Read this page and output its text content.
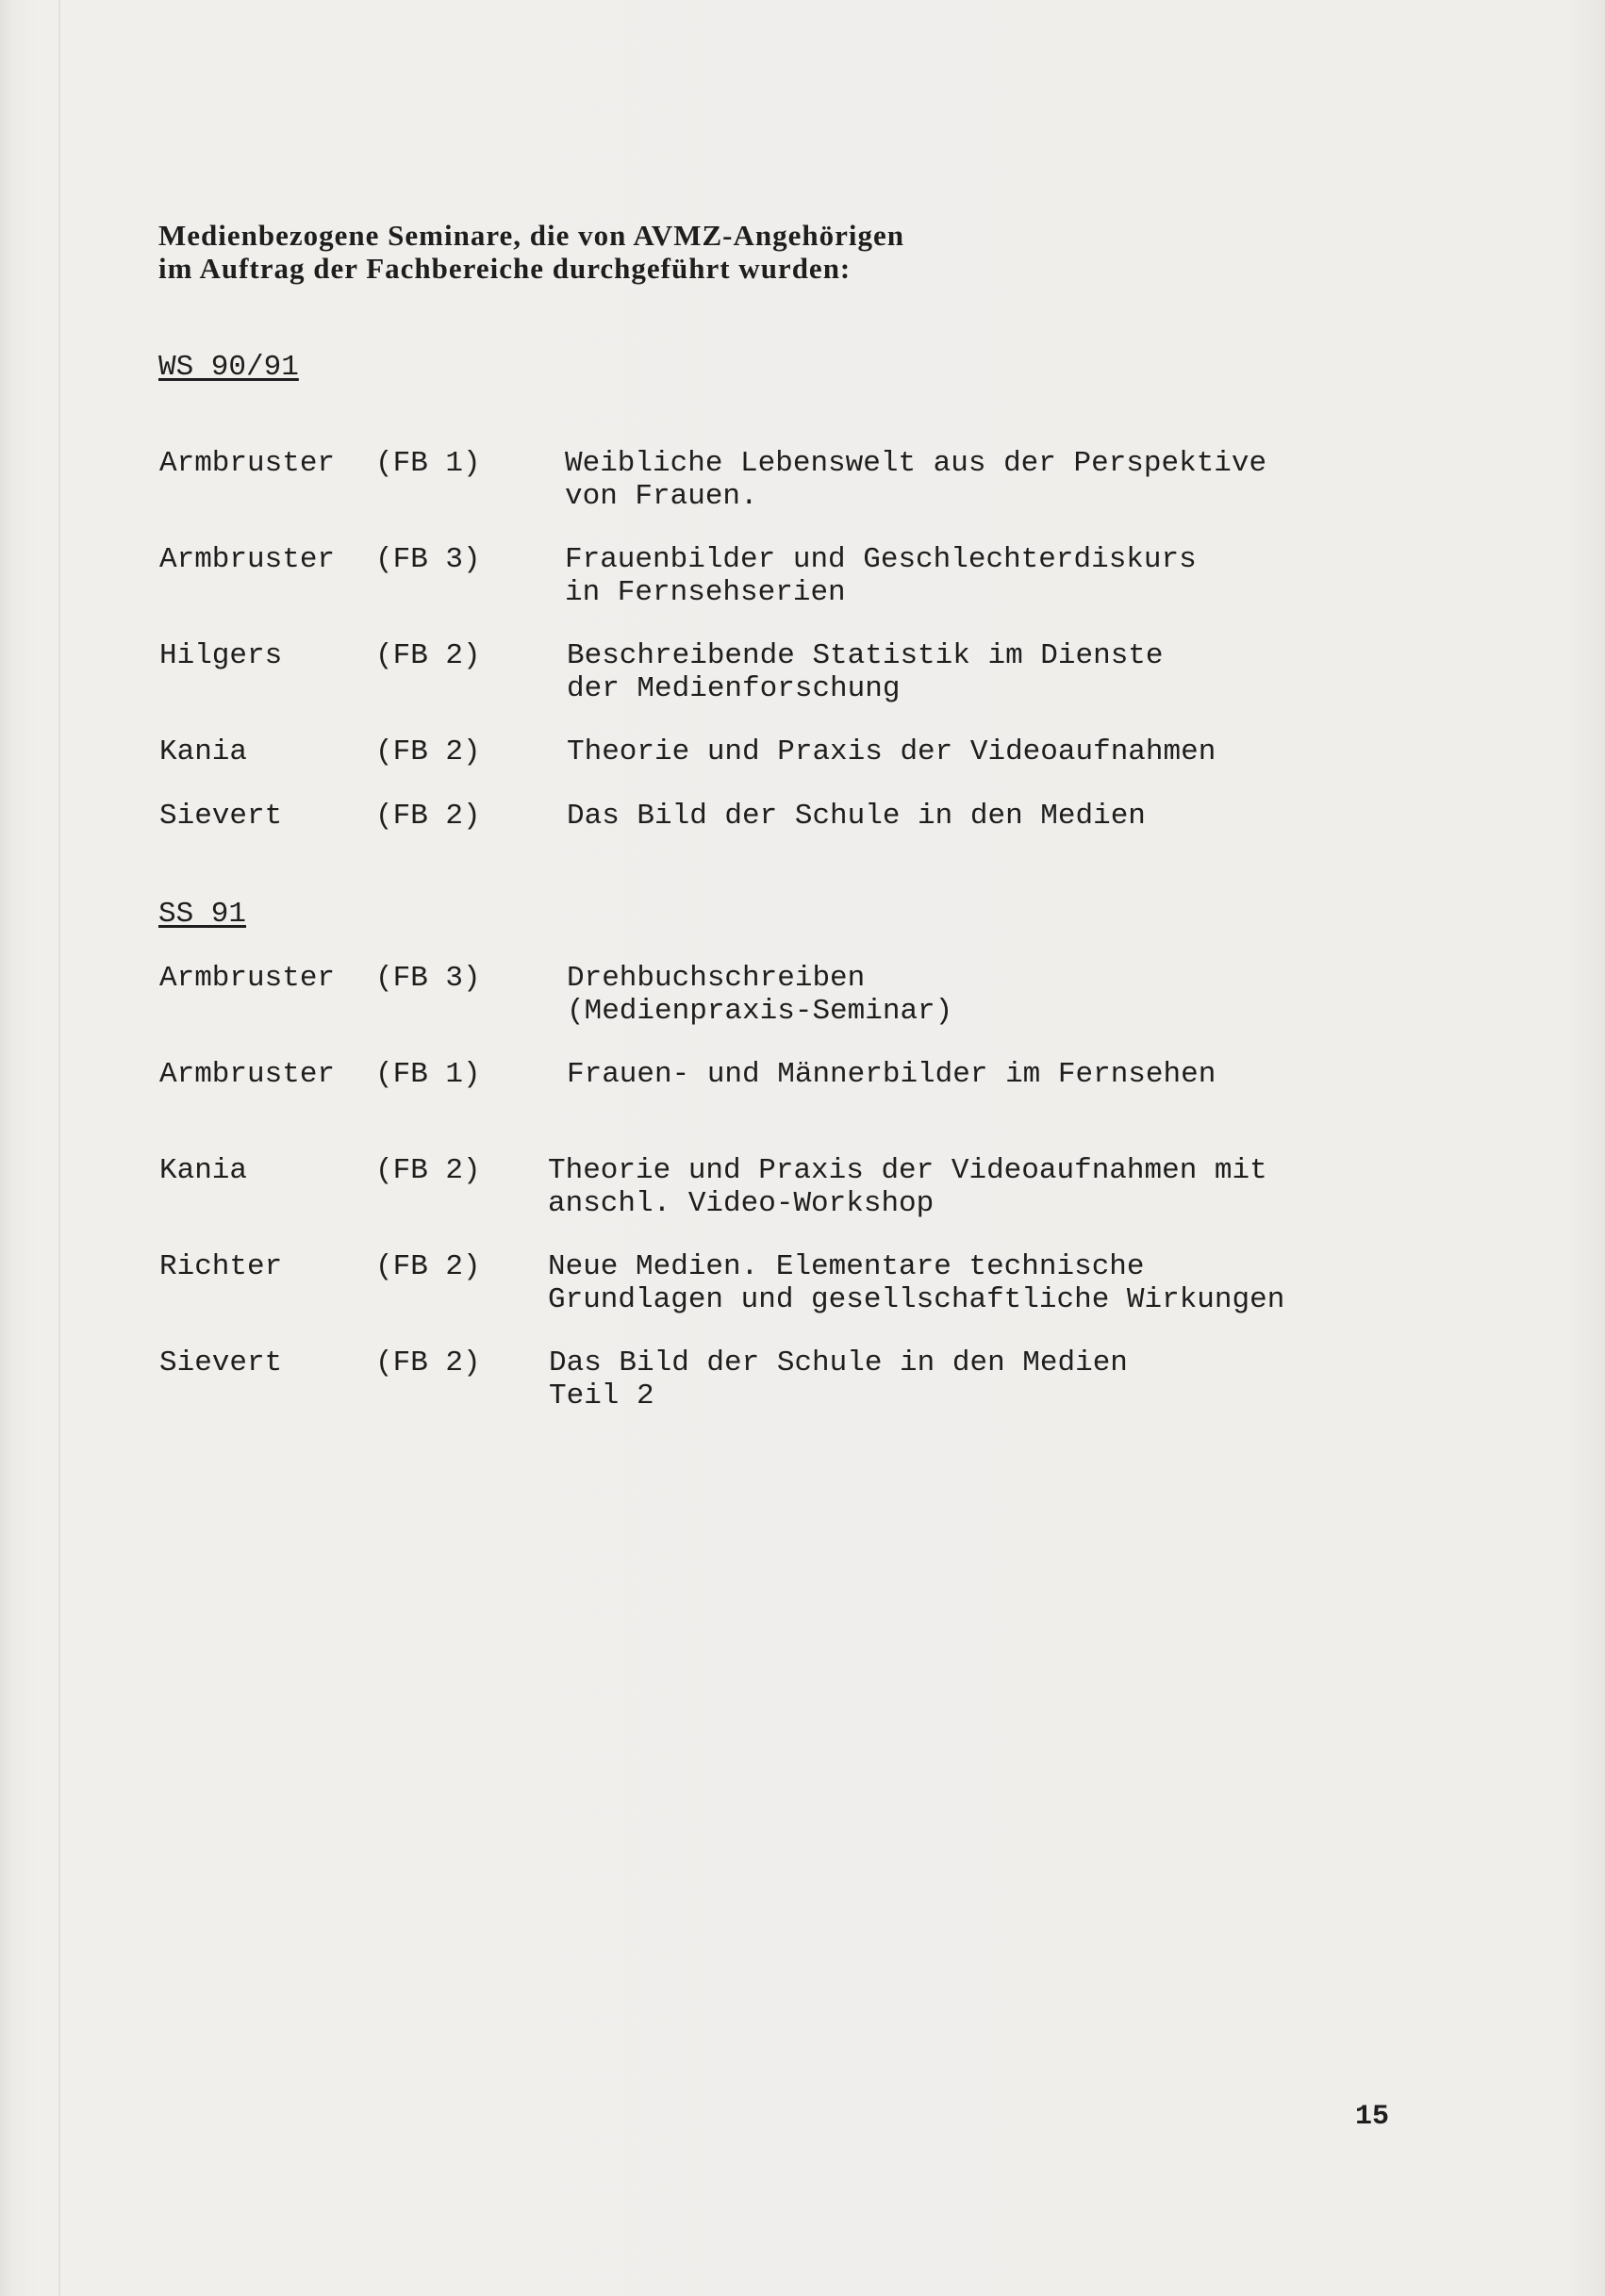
Medienbezogene Seminare, die von AVMZ-Angehörigen
im Auftrag der Fachbereiche durchgeführt wurden:
WS 90/91
Armbruster (FB 1)	Weibliche Lebenswelt aus der Perspektive
von Frauen.
Armbruster (FB 3)	Frauenbilder und Geschlechterdiskurs
in Fernsehserien
Hilgers	(FB 2)	Beschreibende Statistik im Dienste
der Medienforschung
Kania	(FB 2)	Theorie und Praxis der Videoaufnahmen
Sievert	(FB 2)	Das Bild der Schule in den Medien
SS 91
Armbruster (FB 3)	Drehbuchschreiben
(Medienpraxis-Seminar)
Armbruster (FB 1)	Frauen- und Männerbilder im Fernsehen
Kania	(FB 2) Theorie und Praxis der Videoaufnahmen mit
anschl. Video-Workshop
Richter	(FB 2) Neue Medien. Elementare technische
Grundlagen und gesellschaftliche Wirkungen
Sievert	(FB 2) Das Bild der Schule in den Medien
Teil 2
15
